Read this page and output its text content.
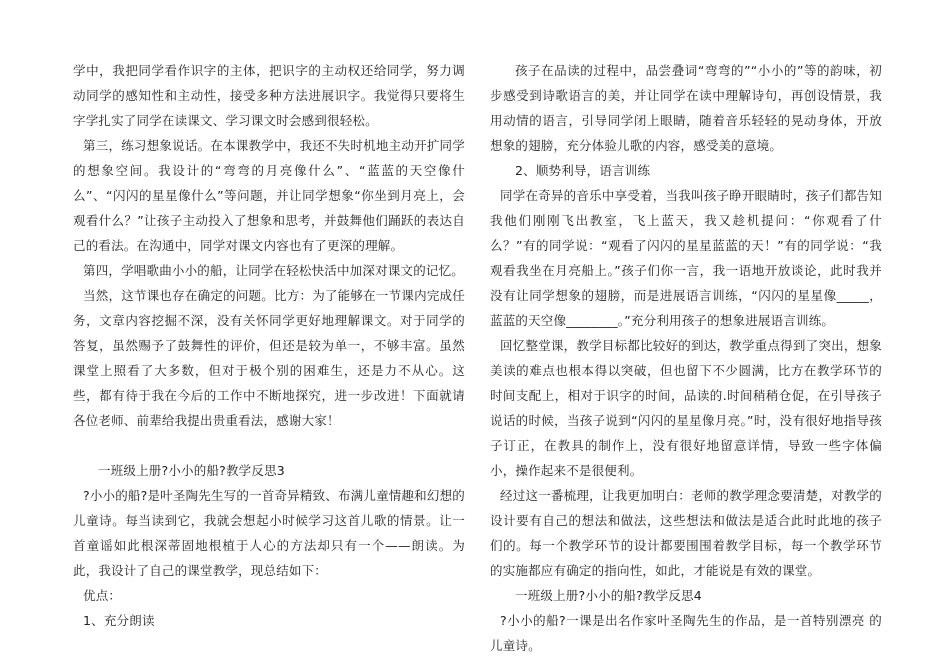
学中，我把同学看作识字的主体，把识字的主动权还给同学，努力调动同学的感知性和主动性，接受多种方法进展识字。我觉得只要将生字学扎实了同学在读课文、学习课文时会感到很轻松。

第三，练习想象说话。在本课教学中，我还不失时机地主动开扩同学的想象空间。我设计的“弯弯的月亮像什么”、“蓝蓝的天空像什么”、“闪闪的星星像什么”等问题，并让同学想象“你坐到月亮上，会观看什么？”让孩子主动投入了想象和思考，并鼓舞他们踊跃的表达自己的看法。在沟通中，同学对课文内容也有了更深的理解。

第四，学唱歌曲小小的船，让同学在轻松快活中加深对课文的记忆。

当然，这节课也存在确定的问题。比方：为了能够在一节课内完成任务，文章内容挖掘不深，没有关怀同学更好地理解课文。对于同学的答复，虽然赐予了鼓舞性的评价，但还是较为单一，不够丰富。虽然课堂上照看了大多数，但对于极个别的困难生，还是力不从心。这些，都有待于我在今后的工作中不断地探究，进一步改进！下面就请各位老师、前辈给我提出贵重看法，感谢大家！

一班级上册?小小的船?教学反思3

?小小的船?是叶圣陶先生写的一首奇异精致、布满儿童情趣和幻想的儿童诗。每当读到它，我就会想起小时候学习这首儿歌的情景。让一首童谣如此根深蒂固地根植于人心的方法却只有一个——朗读。为此，我设计了自己的课堂教学，现总结如下：

优点：

1、充分朗读

孩子在品读的过程中，品尝叠词“弯弯的”“小小的”等的韵味，初步感受到诗歌语言的美，并让同学在读中理解诗句，再创设情景，我用动情的语言，引导同学闭上眼睛，随着音乐轻轻的晃动身体，开放想象的翅膀，充分体验儿歌的内容，感受美的意境。

2、顺势利导，语言训练

同学在奇异的音乐中享受着，当我叫孩子睁开眼睛时，孩子们都告知我他们刚刚飞出教室，飞上蓝天，我又趁机提问：“你观看了什么？”有的同学说：“观看了闪闪的星星蓝蓝的天！”有的同学说：“我观看我坐在月亮船上。”孩子们你一言，我一语地开放谈论，此时我并没有让同学想象的翅膀，而是进展语言训练，“闪闪的星星像_____，蓝蓝的天空像________。”充分利用孩子的想象进展语言训练。

回忆整堂课，教学目标都比较好的到达，教学重点得到了突出，想象美读的难点也根本得以突破，但也留下不少圆满，比方在教学环节的时间支配上，相对于识字的时间，品读的.时间稍稍仓促，在引导孩子说话的时候，当孩子说到“闪闪的星星像月亮。”时，没有很好地指导孩子订正，在教具的制作上，没有很好地留意详情，导致一些字体偏小，操作起来不是很便利。

经过这一番梳理，让我更加明白：老师的教学理念要清楚，对教学的设计要有自己的想法和做法，这些想法和做法是适合此时此地的孩子们的。每一个教学环节的设计都要围围着教学目标，每一个教学环节的实施都应有确定的指向性，如此，才能说是有效的课堂。

一班级上册?小小的船?教学反思4

?小小的船?一课是出名作家叶圣陶先生的作品，是一首特别漂亮 的儿童诗。
